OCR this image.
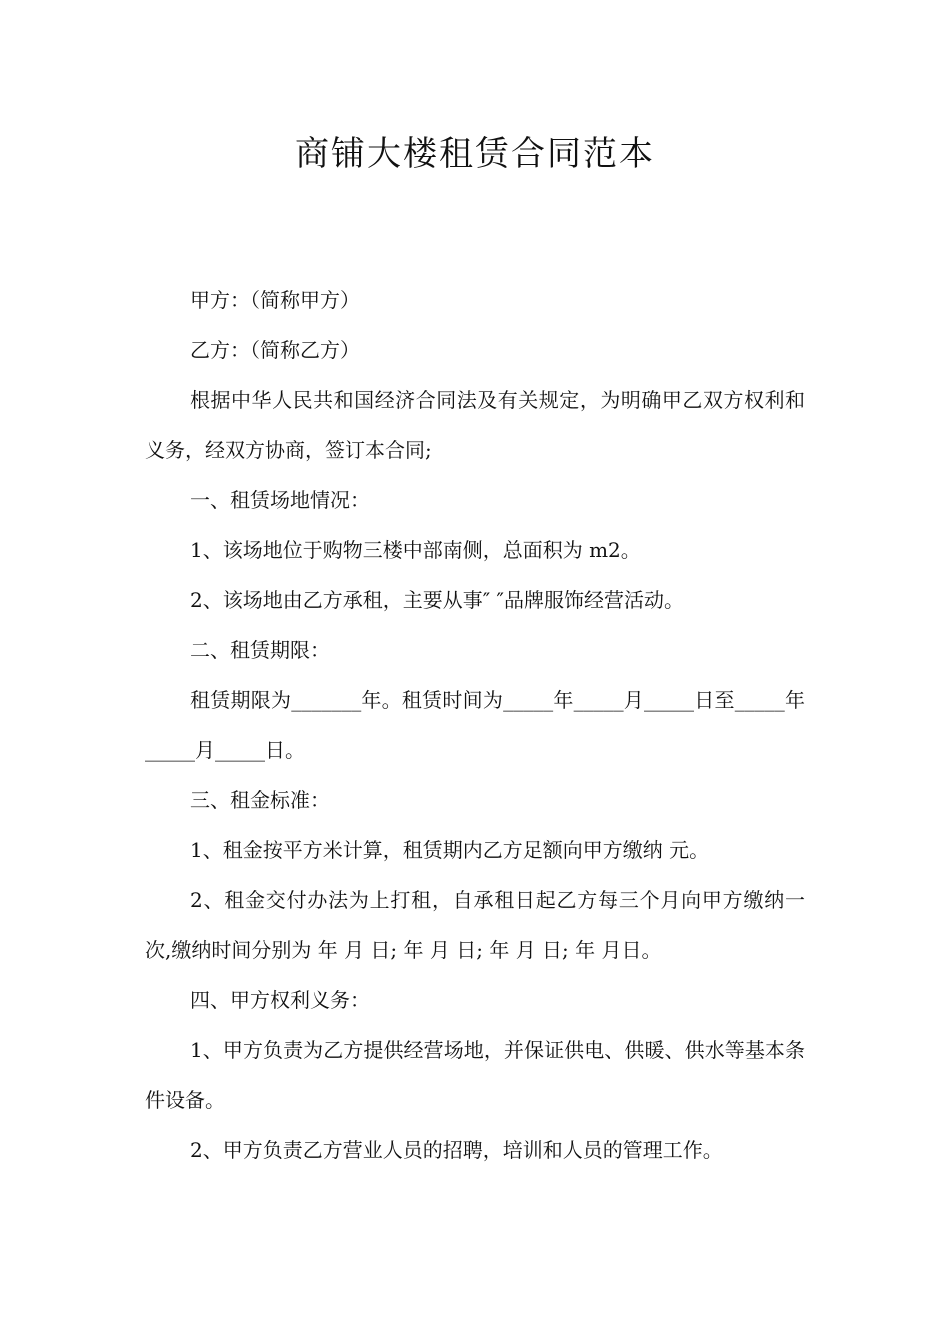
商铺大楼租赁合同范本

甲方：（简称甲方）

乙方：（简称乙方）

根据中华人民共和国经济合同法及有关规定，为明确甲乙双方权利和义务，经双方协商，签订本合同;

一、租赁场地情况：

1、该场地位于购物三楼中部南侧，总面积为 m2。

2、该场地由乙方承租，主要从事″ ″品牌服饰经营活动。

二、租赁期限：

租赁期限为_______年。租赁时间为_____年_____月_____日至_____年_____月_____日。

三、租金标准：

1、租金按平方米计算，租赁期内乙方足额向甲方缴纳 元。

2、租金交付办法为上打租，自承租日起乙方每三个月向甲方缴纳一次,缴纳时间分别为 年 月 日; 年 月 日; 年 月 日; 年 月日。

四、甲方权利义务：

1、甲方负责为乙方提供经营场地，并保证供电、供暖、供水等基本条件设备。

2、甲方负责乙方营业人员的招聘，培训和人员的管理工作。
